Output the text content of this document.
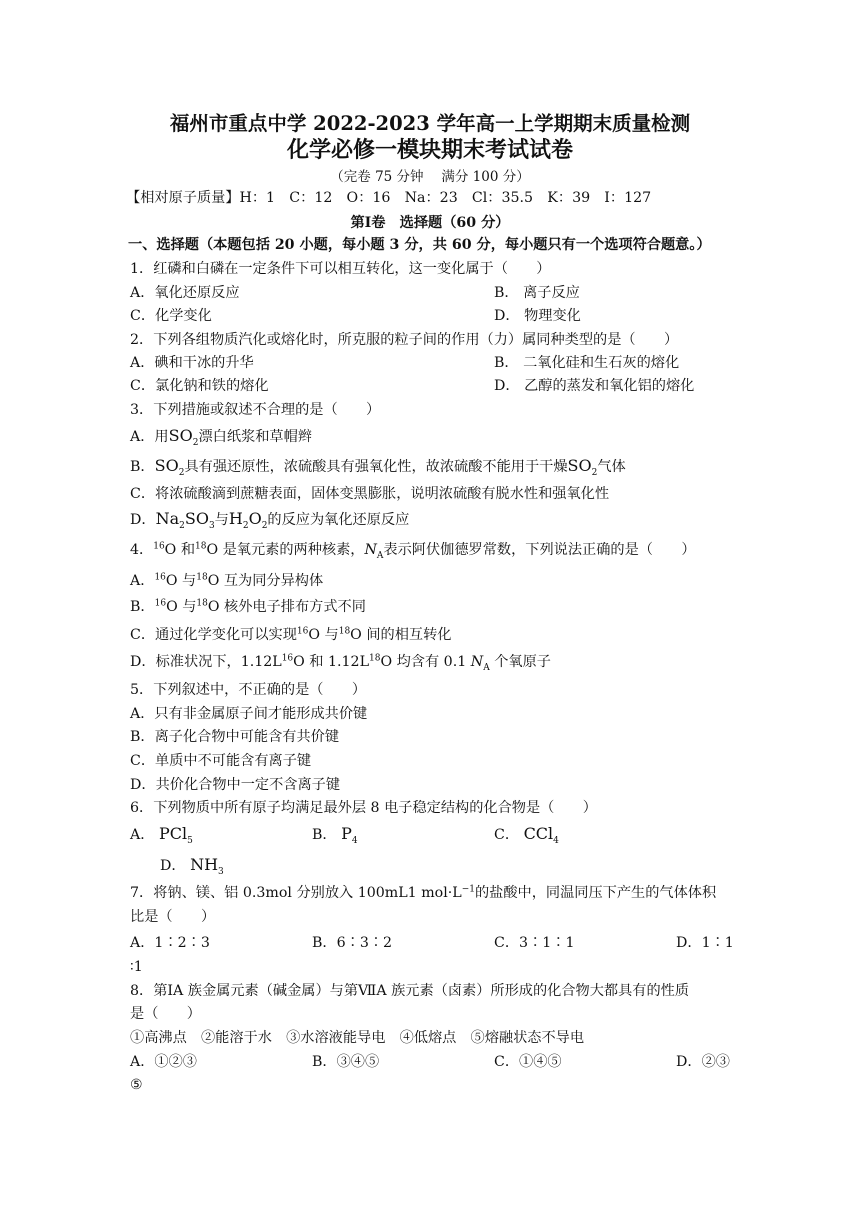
福州市重点中学 2022-2023 学年高一上学期期末质量检测
化学必修一模块期末考试试卷
（完卷 75 分钟　 满分 100 分）
【相对原子质量】H：1　C：12　O：16　Na：23　Cl：35.5　K：39　I：127
第Ⅰ卷　选择题（60 分）
一、选择题（本题包括 20 小题，每小题 3 分，共 60 分，每小题只有一个选项符合题意。）
1．红磷和白磷在一定条件下可以相互转化，这一变化属于（　　）
A．氧化还原反应	B． 离子反应
C．化学变化	D． 物理变化
2．下列各组物质汽化或熔化时，所克服的粒子间的作用（力）属同种类型的是（　　）
A．碘和干冰的升华	B． 二氧化硅和生石灰的熔化
C．氯化钠和铁的熔化	D． 乙醇的蒸发和氧化铝的熔化
3．下列措施或叙述不合理的是（　　）
A．用$SO_2$漂白纸浆和草帽辫
B．$SO_2$具有强还原性，浓硫酸具有强氧化性，故浓硫酸不能用于干燥$SO_2$气体
C．将浓硫酸滴到蔗糖表面，固体变黑膨胀，说明浓硫酸有脱水性和强氧化性
D．$Na_2SO_3$与$H_2O_2$的反应为氧化还原反应
4．$^{16}$O 和$^{18}$O 是氧元素的两种核素，$N_A$表示阿伏伽德罗常数，下列说法正确的是（　　）
A．$^{16}$O 与$^{18}$O 互为同分异构体
B．$^{16}$O 与$^{18}$O 核外电子排布方式不同
C．通过化学变化可以实现$^{16}$O 与$^{18}$O 间的相互转化
D．标准状况下，$1.12L^{16}O$ 和 $1.12L^{18}O$ 均含有 0.1 $N_A$ 个氧原子
5．下列叙述中，不正确的是（　　）
A．只有非金属原子间才能形成共价键
B．离子化合物中可能含有共价键
C．单质中不可能含有离子键
D．共价化合物中一定不含离子键
6．下列物质中所有原子均满足最外层 8 电子稳定结构的化合物是（　　）
A． PCl$_5$	B． $P_4$	C． CCl$_4$
D． $NH_3$
7．将钠、镁、铝 0.3mol 分别放入 100mL1 $mol\cdot L^{-1}$的盐酸中，同温同压下产生的气体体积
比是（　　）
A．1∶2∶3	B．6∶3∶2	C．3∶1∶1	D．1∶1
∶1
8．第ⅠA 族金属元素（碱金属）与第ⅦA 族元素（卤素）所形成的化合物大都具有的性质
是（　　）
①高沸点　②能溶于水　③水溶液能导电　④低熔点　⑤熔融状态不导电
A．①②③	B．③④⑤	C．①④⑤	D．②③
⑤
